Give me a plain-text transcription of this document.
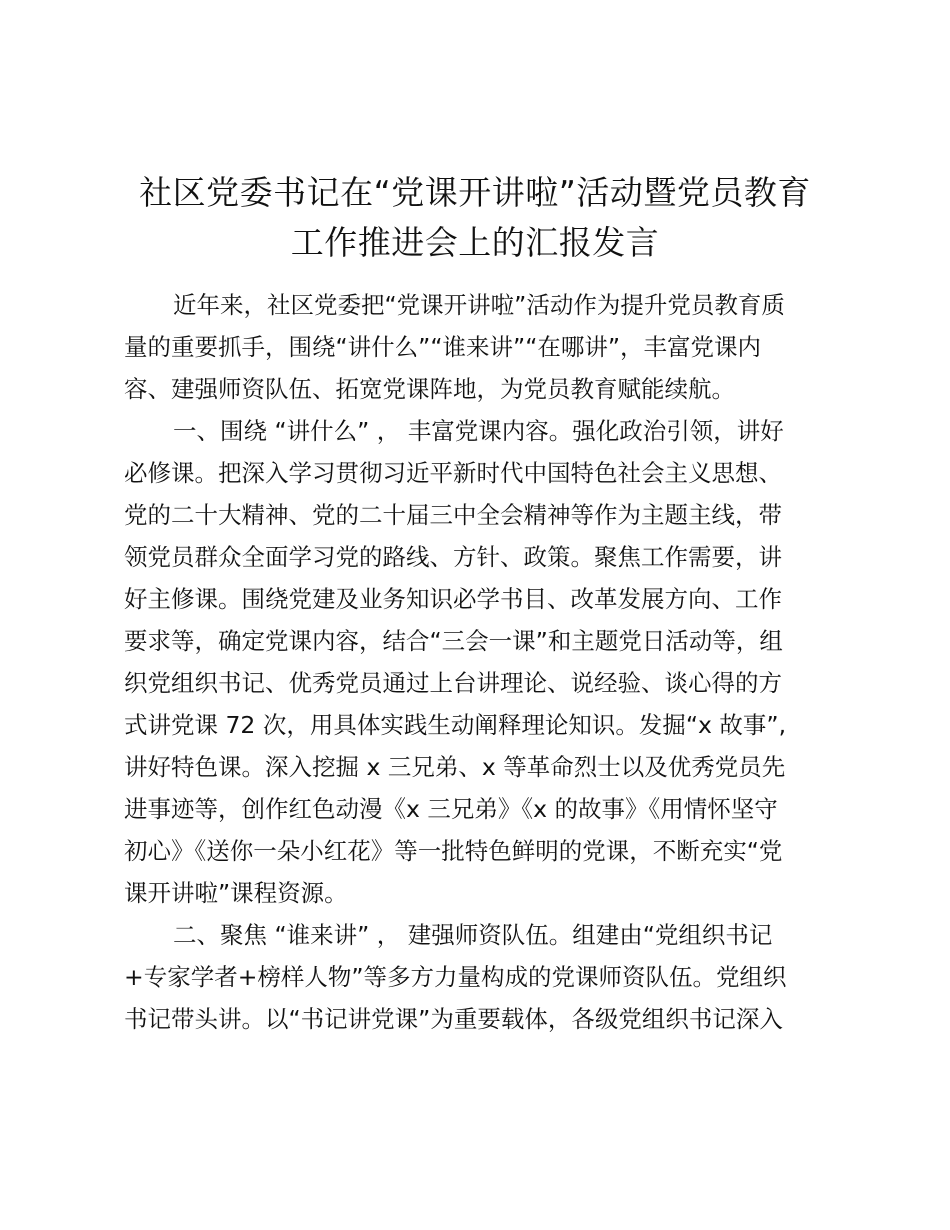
社区党委书记在“党课开讲啦”活动暨党员教育
工作推进会上的汇报发言

近年来，社区党委把“党课开讲啦”活动作为提升党员教育质
量的重要抓手，围绕“讲什么”“谁来讲”“在哪讲”，丰富党课内
容、建强师资队伍、拓宽党课阵地，为党员教育赋能续航。

一、围绕 “讲什么” ， 丰富党课内容。强化政治引领，讲好
必修课。把深入学习贯彻习近平新时代中国特色社会主义思想、
党的二十大精神、党的二十届三中全会精神等作为主题主线，带
领党员群众全面学习党的路线、方针、政策。聚焦工作需要，讲
好主修课。围绕党建及业务知识必学书目、改革发展方向、工作
要求等，确定党课内容，结合“三会一课”和主题党日活动等，组
织党组织书记、优秀党员通过上台讲理论、说经验、谈心得的方
式讲党课 72 次，用具体实践生动阐释理论知识。发掘“x 故事”,
讲好特色课。深入挖掘 x 三兄弟、x 等革命烈士以及优秀党员先
进事迹等，创作红色动漫《x 三兄弟》《x 的故事》《用情怀坚守
初心》《送你一朵小红花》等一批特色鲜明的党课，不断充实“党
课开讲啦”课程资源。

二、聚焦 “谁来讲” ， 建强师资队伍。组建由“党组织书记
+专家学者+榜样人物”等多方力量构成的党课师资队伍。党组织
书记带头讲。以“书记讲党课”为重要载体，各级党组织书记深入
